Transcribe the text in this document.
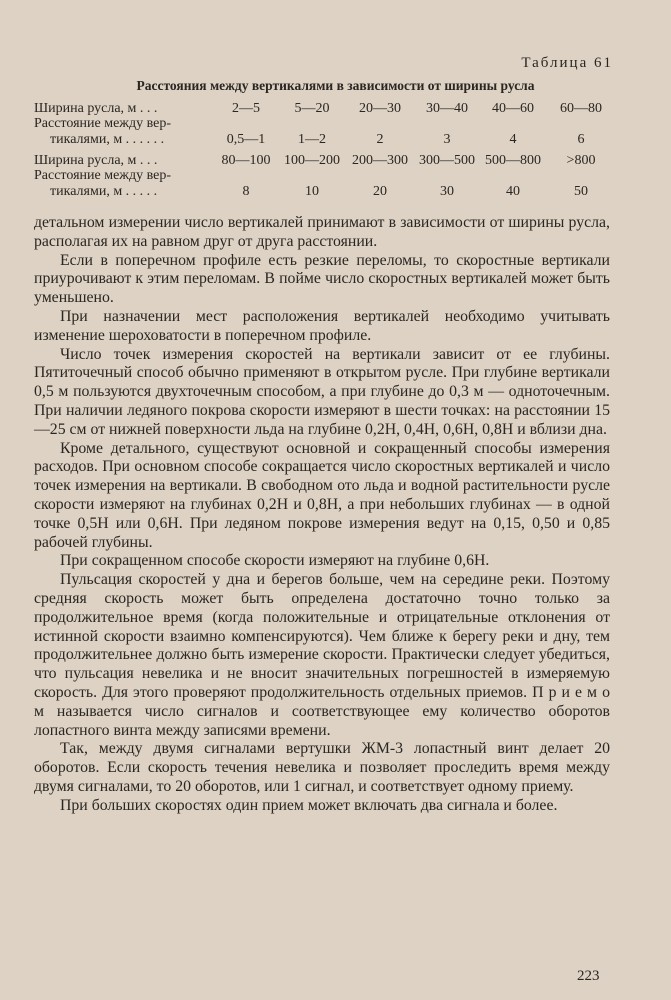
Таблица 61
Расстояния между вертикалями в зависимости от ширины русла
Ширина русла, м . . .	2—5 5—20 20—30 30—40 40—60 60—80
Расстояние между вер-
тикалями, м . . . . . .	0,5—1 1—2	2	3	4	6
Ширина русла, м . . .	80—100 100—200 200—300 300—500 500—800 >800
Расстояние между вер-
тикалями, м . . . . .	8	10	20	30	40	50

детальном измерении число вертикалей принимают в зависимости от ширины русла, располагая их на равном друг от друга расстоянии.

Если в поперечном профиле есть резкие переломы, то скоростные вертикали приурочивают к этим переломам. В пойме число скоростных вертикалей может быть уменьшено.

При назначении мест расположения вертикалей необходимо учитывать изменение шероховатости в поперечном профиле.

Число точек измерения скоростей на вертикали зависит от ее глубины. Пятиточечный способ обычно применяют в открытом русле. При глубине вертикали 0,5 м пользуются двухточечным способом, а при глубине до 0,3 м — одноточечным. При наличии ледяного покрова скорости измеряют в шести точках: на расстоянии 15—25 см от нижней поверхности льда на глубине 0,2H, 0,4H, 0,6H, 0,8H и вблизи дна.

Кроме детального, существуют основной и сокращенный способы измерения расходов. При основном способе сокращается число скоростных вертикалей и число точек измерения на вертикали. В свободном ото льда и водной растительности русле скорости измеряют на глубинах 0,2H и 0,8H, а при небольших глубинах — в одной точке 0,5H или 0,6H. При ледяном покрове измерения ведут на 0,15, 0,50 и 0,85 рабочей глубины.

При сокращенном способе скорости измеряют на глубине 0,6H.

Пульсация скоростей у дна и берегов больше, чем на середине реки. Поэтому средняя скорость может быть определена достаточно точно только за продолжительное время (когда положительные и отрицательные отклонения от истинной скорости взаимно компенсируются). Чем ближе к берегу реки и дну, тем продолжительнее должно быть измерение скорости. Практически следует убедиться, что пульсация невелика и не вносит значительных погрешностей в измеряемую скорость. Для этого проверяют продолжительность отдельных приемов. П р и е м о м называется число сигналов и соответствующее ему количество оборотов лопастного винта между записями времени.

Так, между двумя сигналами вертушки ЖМ-3 лопастный винт делает 20 оборотов. Если скорость течения невелика и позволяет проследить время между двумя сигналами, то 20 оборотов, или 1 сигнал, и соответствует одному приему.

При больших скоростях один прием может включать два сигнала и более.

223
